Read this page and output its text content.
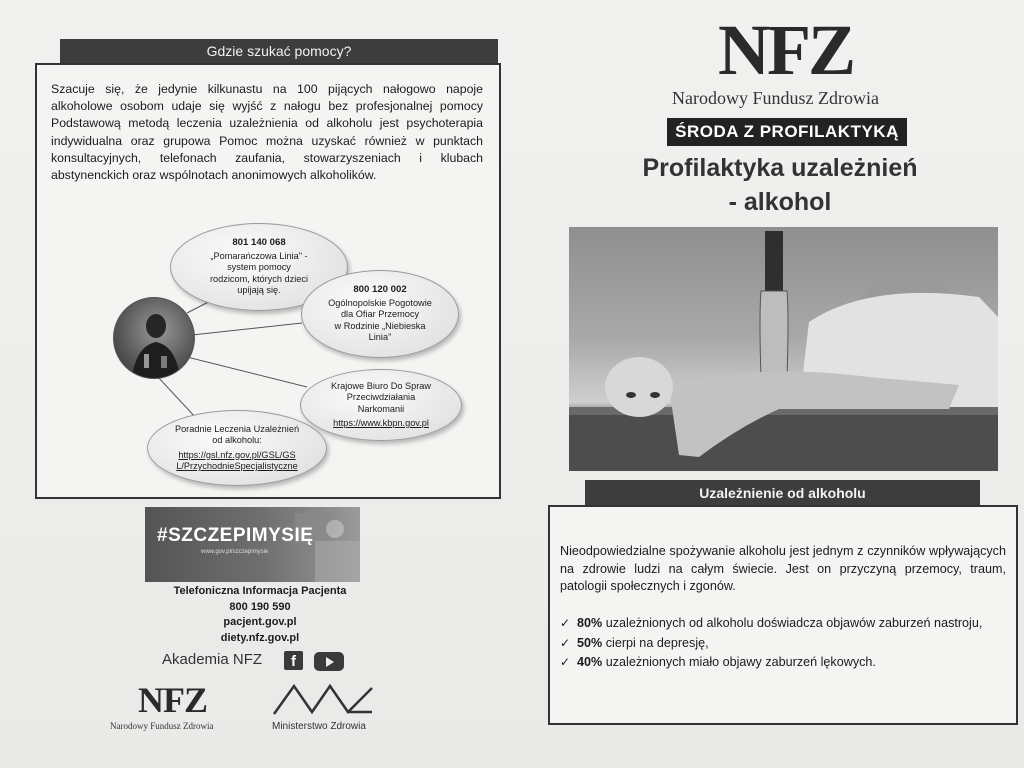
Gdzie szukać pomocy?
Szacuje się, że jedynie kilkunastu na 100 pijących nałogowo napoje alkoholowe osobom udaje się wyjść z nałogu bez profesjonalnej pomocy Podstawową metodą leczenia uzależnienia od alkoholu jest psychoterapia indywidualna oraz grupowa Pomoc można uzyskać również w punktach konsultacyjnych, telefonach zaufania, stowarzyszeniach i klubach abstynenckich oraz wspólnotach anonimowych alkoholików.
801 140 068
„Pomarańczowa Linia" -
system pomocy
rodzicom, których dzieci
upijają się.	800 120 002
Ogólnopolskie Pogotowie
dla Ofiar Przemocy
w Rodzinie „Niebieska
Linia"
Krajowe Biuro Do Spraw
Przeciwdziałania
Narkomanii
https://www.kbpn.gov.pl
Poradnie Leczenia Uzależnień
od alkoholu:
https://gsl.nfz.gov.pl/GSL/GS
L/PrzychodnieSpecjalistyczne
#SZCZEPIMYSIĘ
www.gov.pl/szczepimysie
Telefoniczna Informacja Pacjenta
800 190 590
pacjent.gov.pl
diety.nfz.gov.pl
Akademia NFZ	f
NFZ
Narodowy Fundusz Zdrowia	Ministerstwo Zdrowia
NFZ
Narodowy Fundusz Zdrowia
ŚRODA Z PROFILAKTYKĄ
Profilaktyka uzależnień
- alkohol
Uzależnienie od alkoholu
Nieodpowiedzialne spożywanie alkoholu jest jednym z czynników wpływających na zdrowie ludzi na całym świecie. Jest on przyczyną przemocy, traum, patologii społecznych i zgonów.
✓ 80% uzależnionych od alkoholu doświadcza objawów zaburzeń nastroju,
✓ 50% cierpi na depresję,
✓ 40% uzależnionych miało objawy zaburzeń lękowych.
